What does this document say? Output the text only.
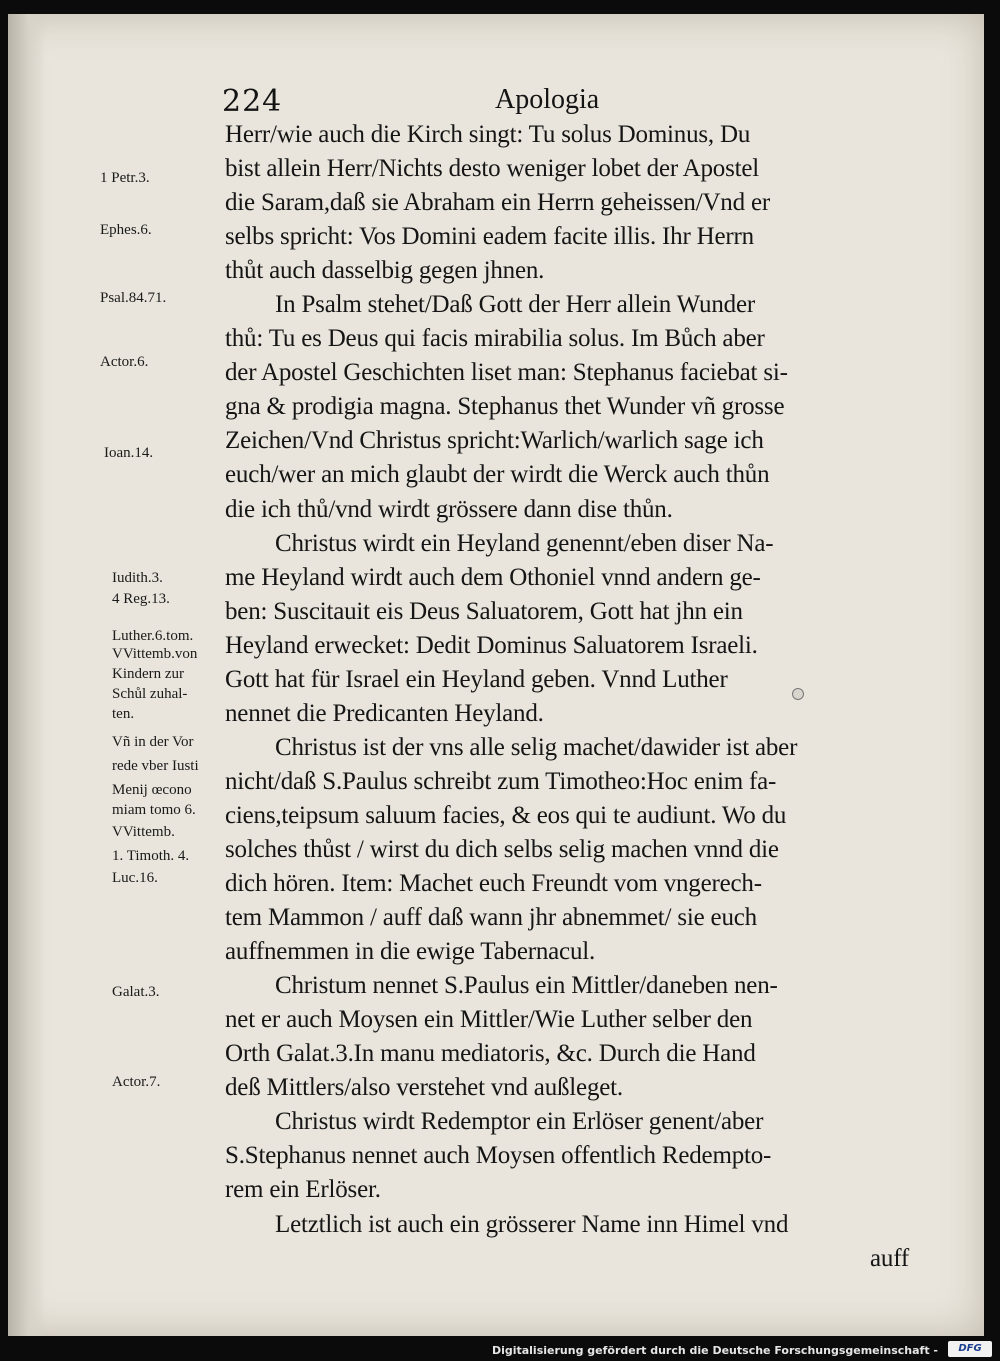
224	Apologia
1 Petr.3.
Ephes.6.
Psal.84.71.
Actor.6.
Ioan.14.
Iudith.3.
4 Reg.13.
Luther.6.tom.
VVittemb.von
Kindern zur
Schůl zuhal-
ten.
Vñ in der Vor
rede vber Iusti
Menij œcono
miam tomo 6.
VVittemb.
1. Timoth. 4.
Luc.16.
Galat.3.
Actor.7.
Herr/wie auch die Kirch singt: Tu solus Dominus, Du
bist allein Herr/Nichts desto weniger lobet der Apostel
die Saram,daß sie Abraham ein Herrn geheissen/Vnd er
selbs spricht: Vos Domini eadem facite illis. Ihr Herrn
thůt auch dasselbig gegen jhnen.
In Psalm stehet/Daß Gott der Herr allein Wunder
thů: Tu es Deus qui facis mirabilia solus. Im Bůch aber
der Apostel Geschichten liset man: Stephanus faciebat si-
gna & prodigia magna. Stephanus thet Wunder vñ grosse
Zeichen/Vnd Christus spricht:Warlich/warlich sage ich
euch/wer an mich glaubt der wirdt die Werck auch thůn
die ich thů/vnd wirdt grössere dann dise thůn.
Christus wirdt ein Heyland genennt/eben diser Na-
me Heyland wirdt auch dem Othoniel vnnd andern ge-
ben: Suscitauit eis Deus Saluatorem, Gott hat jhn ein
Heyland erwecket: Dedit Dominus Saluatorem Israeli.
Gott hat für Israel ein Heyland geben. Vnnd Luther
nennet die Predicanten Heyland.
Christus ist der vns alle selig machet/dawider ist aber
nicht/daß S.Paulus schreibt zum Timotheo:Hoc enim fa-
ciens,teipsum saluum facies, & eos qui te audiunt. Wo du
solches thůst / wirst du dich selbs selig machen vnnd die
dich hören. Item: Machet euch Freundt vom vngerech-
tem Mammon / auff daß wann jhr abnemmet/ sie euch
auffnemmen in die ewige Tabernacul.
Christum nennet S.Paulus ein Mittler/daneben nen-
net er auch Moysen ein Mittler/Wie Luther selber den
Orth Galat.3.In manu mediatoris, &c. Durch die Hand
deß Mittlers/also verstehet vnd außleget.
Christus wirdt Redemptor ein Erlöser genent/aber
S.Stephanus nennet auch Moysen offentlich Redempto-
rem ein Erlöser.
Letztlich ist auch ein grösserer Name inn Himel vnd
auff
Digitalisierung gefördert durch die Deutsche Forschungsgemeinschaft -	DFG
